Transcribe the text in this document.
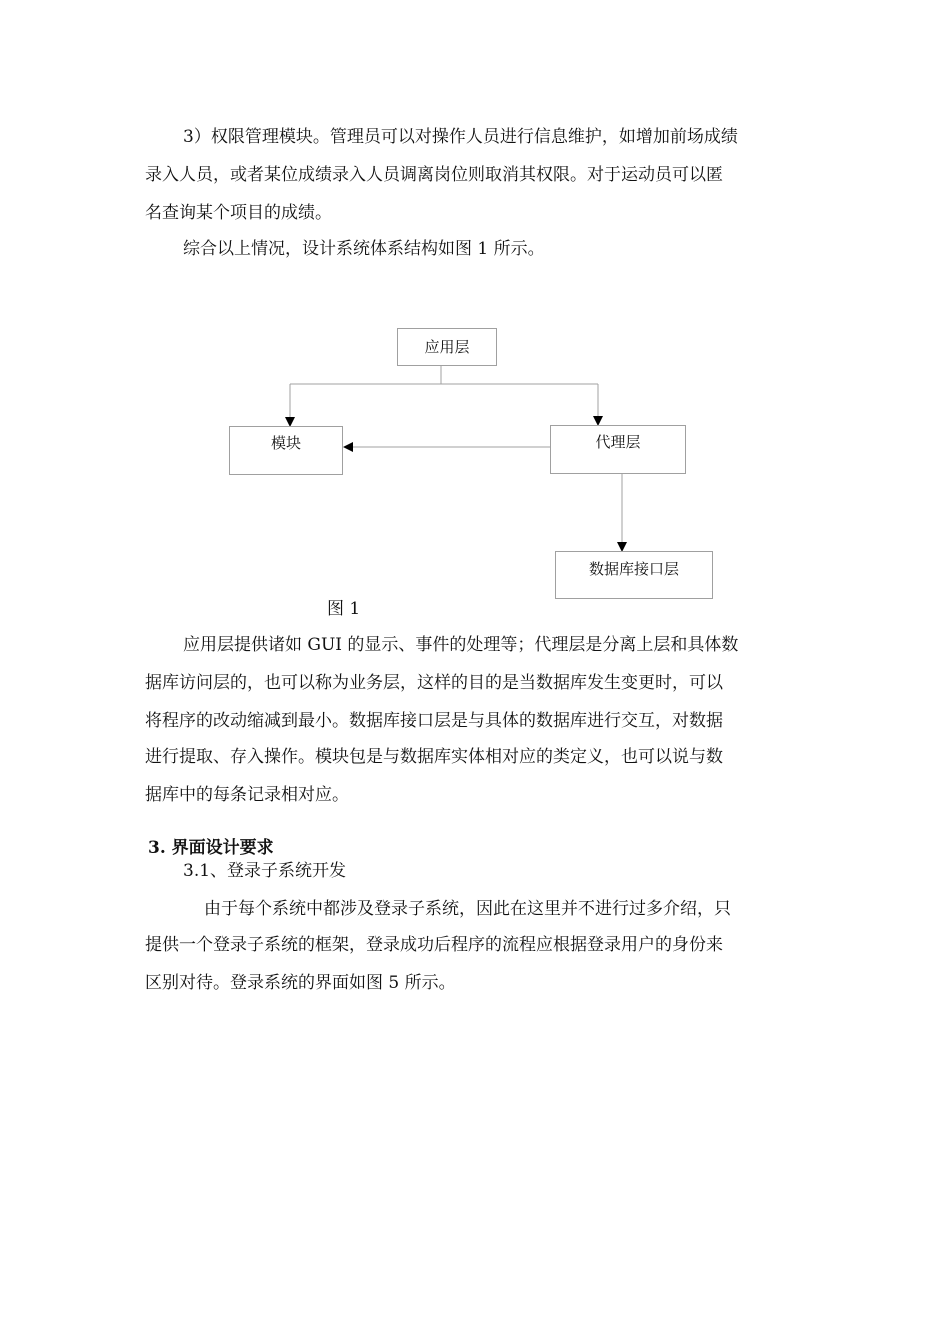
3）权限管理模块。管理员可以对操作人员进行信息维护，如增加前场成绩
录入人员，或者某位成绩录入人员调离岗位则取消其权限。对于运动员可以匿
名查询某个项目的成绩。
综合以上情况，设计系统体系结构如图 1 所示。
应用层
模块	代理层
数据库接口层
图 1
应用层提供诸如 GUI 的显示、事件的处理等；代理层是分离上层和具体数
据库访问层的，也可以称为业务层，这样的目的是当数据库发生变更时，可以
将程序的改动缩减到最小。数据库接口层是与具体的数据库进行交互，对数据
进行提取、存入操作。模块包是与数据库实体相对应的类定义，也可以说与数
据库中的每条记录相对应。
3. 界面设计要求
3.1、登录子系统开发
由于每个系统中都涉及登录子系统，因此在这里并不进行过多介绍，只
提供一个登录子系统的框架，登录成功后程序的流程应根据登录用户的身份来
区别对待。登录系统的界面如图 5 所示。
